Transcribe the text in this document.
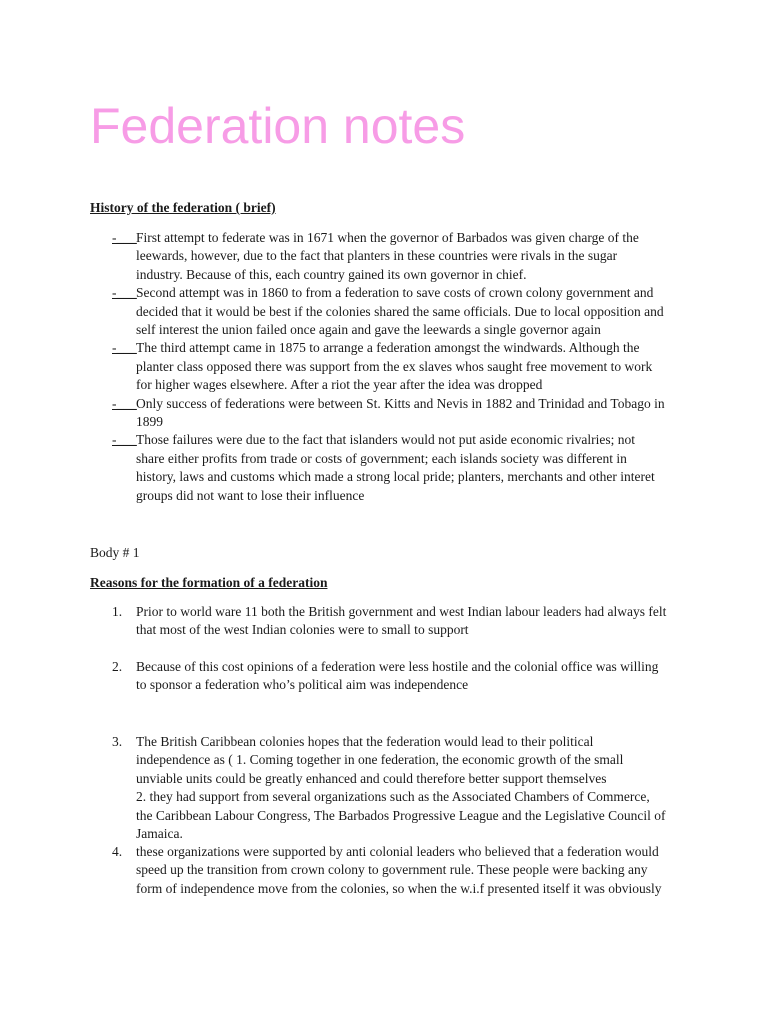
Federation notes
History of the federation ( brief)
-___ First attempt to federate was in 1671 when the governor of Barbados was given charge of the
leewards, however, due to the fact that planters in these countries were rivals in the sugar
industry. Because of this, each country gained its own governor in chief.
-___ Second attempt was in 1860 to from a federation to save costs of crown colony government and
decided that it would be best if the colonies shared the same officials. Due to local opposition and
self interest the union failed once again and gave the leewards a single governor again
-___ The third attempt came in 1875 to arrange a federation amongst the windwards. Although the
planter class opposed there was support from the ex slaves whos saught free movement to work
for higher wages elsewhere. After a riot the year after the idea was dropped
-___ Only success of federations were between St. Kitts and Nevis in 1882 and Trinidad and Tobago in
1899
-___ Those failures were due to the fact that islanders would not put aside economic rivalries; not
share either profits from trade or costs of government; each islands society was different in
history, laws and customs which made a strong local pride; planters, merchants and other interet
groups did not want to lose their influence
Body # 1
Reasons for the formation of a federation
1. Prior to world ware 11 both the British government and west Indian labour leaders had always felt
that most of the west Indian colonies were to small to support
2. Because of this cost opinions of a federation were less hostile and the colonial office was willing
to sponsor a federation who’s political aim was independence
3. The British Caribbean colonies hopes that the federation would lead to their political
independence as ( 1. Coming together in one federation, the economic growth of the small
unviable units could be greatly enhanced and could therefore better support themselves
2. they had support from several organizations such as the Associated Chambers of Commerce,
the Caribbean Labour Congress, The Barbados Progressive League and the Legislative Council of
Jamaica.
4. these organizations were supported by anti colonial leaders who believed that a federation would
speed up the transition from crown colony to government rule. These people were backing any
form of independence move from the colonies, so when the w.i.f presented itself it was obviously
